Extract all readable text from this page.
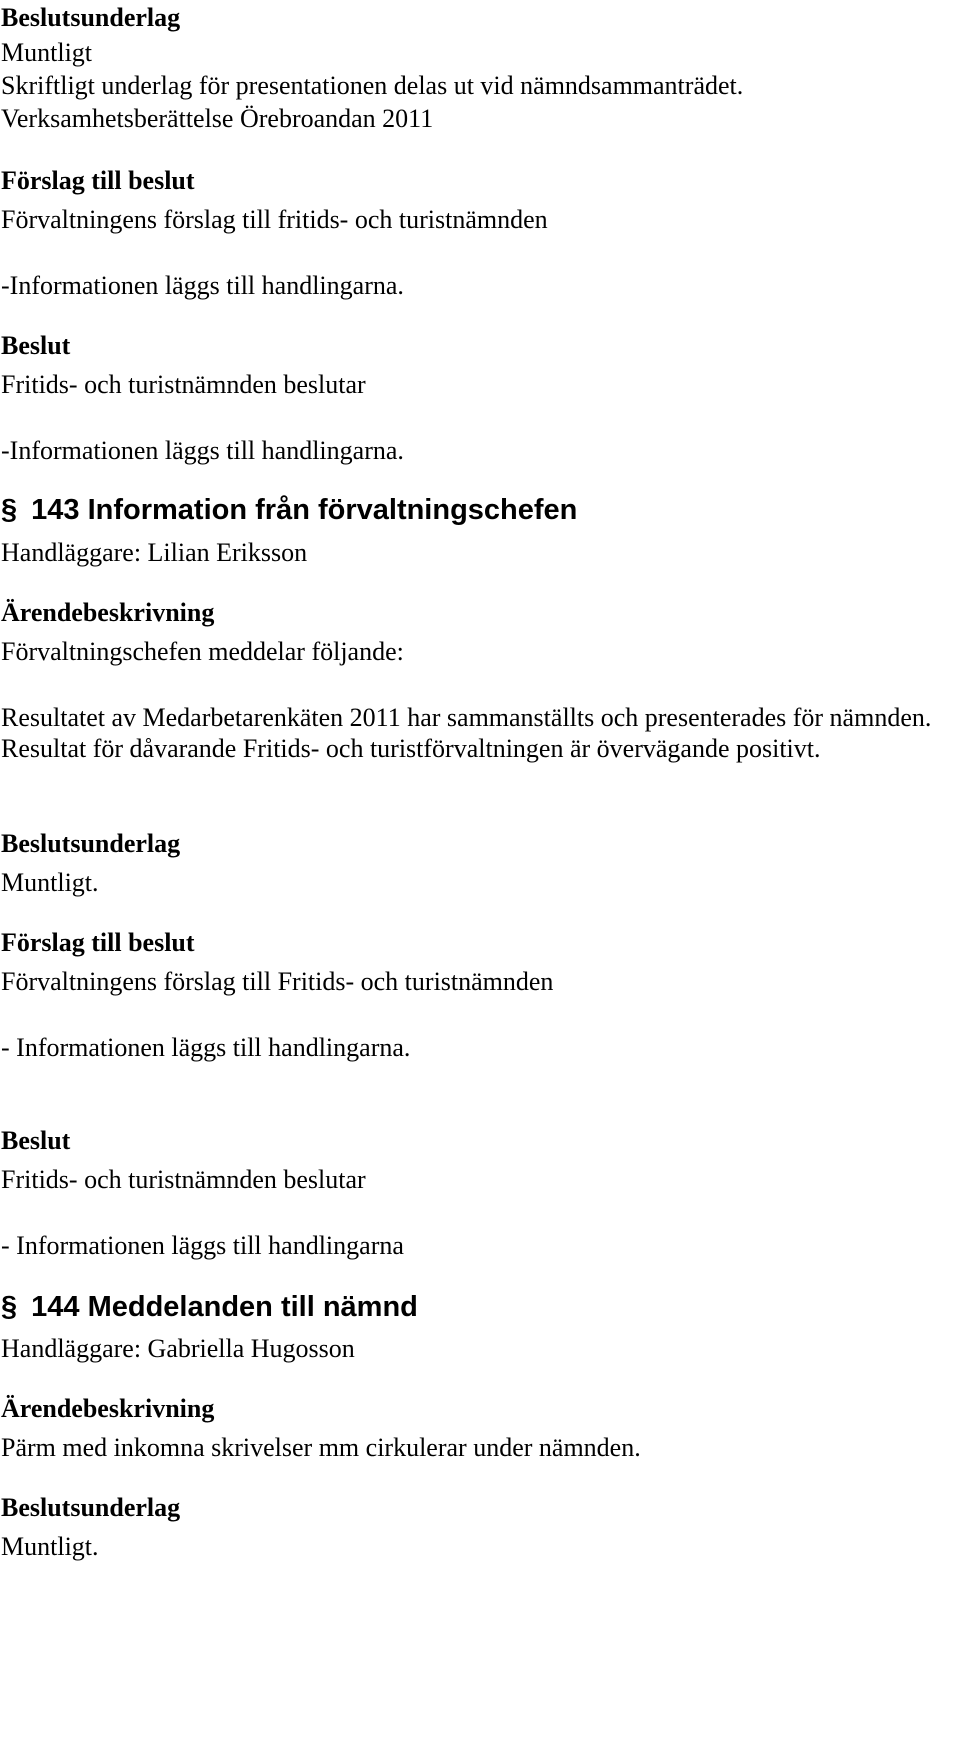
Beslutsunderlag
Muntligt
Skriftligt underlag för presentationen delas ut vid nämndsammanträdet.
Verksamhetsberättelse Örebroandan 2011
Förslag till beslut
Förvaltningens förslag till fritids- och turistnämnden
-Informationen läggs till handlingarna.
Beslut
Fritids- och turistnämnden beslutar
-Informationen läggs till handlingarna.
§ 143 Information från förvaltningschefen
Handläggare: Lilian Eriksson
Ärendebeskrivning
Förvaltningschefen meddelar följande:
Resultatet av Medarbetarenkäten 2011 har sammanställts och presenterades för nämnden. Resultat för dåvarande Fritids- och turistförvaltningen är övervägande positivt.
Beslutsunderlag
Muntligt.
Förslag till beslut
Förvaltningens förslag till Fritids- och turistnämnden
- Informationen läggs till handlingarna.
Beslut
Fritids- och turistnämnden beslutar
- Informationen läggs till handlingarna
§ 144 Meddelanden till nämnd
Handläggare: Gabriella Hugosson
Ärendebeskrivning
Pärm med inkomna skrivelser mm cirkulerar under nämnden.
Beslutsunderlag
Muntligt.
